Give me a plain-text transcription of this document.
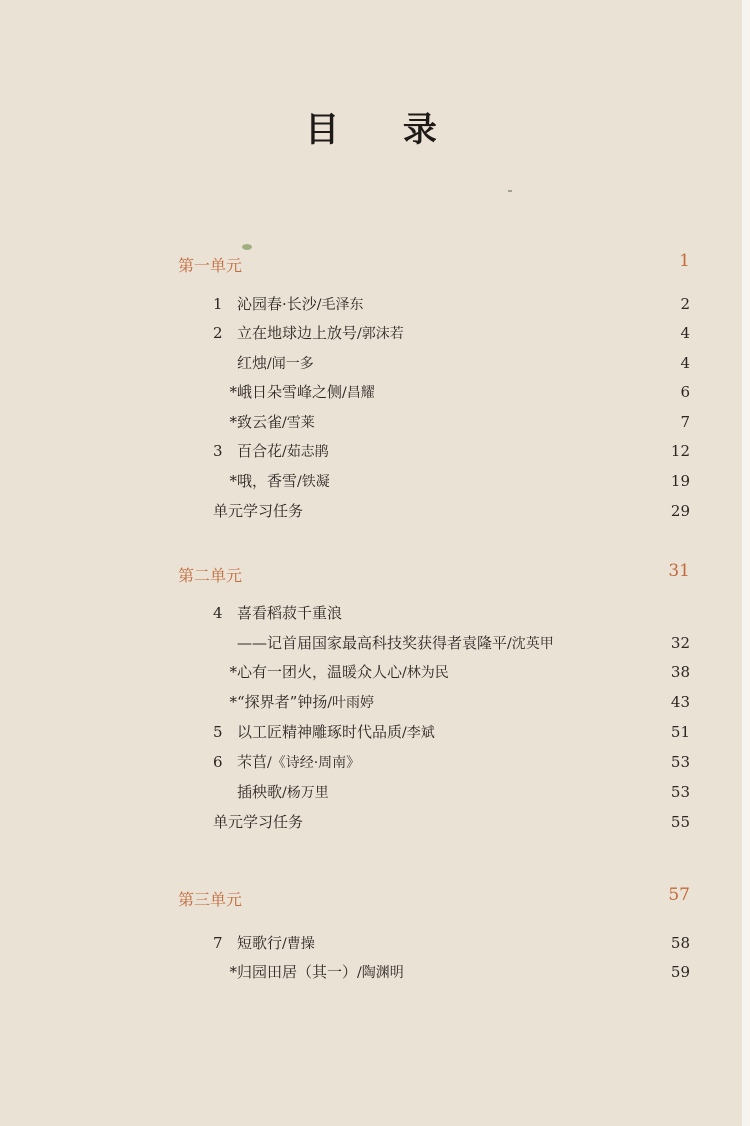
目 录
第一单元	1
1 沁园春·长沙/毛泽东	2
2 立在地球边上放号/郭沫若	4
红烛/闻一多	4
*峨日朵雪峰之侧/昌耀	6
*致云雀/雪莱	7
3 百合花/茹志鹃	12
*哦，香雪/铁凝	19
单元学习任务	29
第二单元	31
4 喜看稻菽千重浪
——记首届国家最高科技奖获得者袁隆平/沈英甲	32
*心有一团火，温暖众人心/林为民	38
*“探界者”钟扬/叶雨婷	43
5 以工匠精神雕琢时代品质/李斌	51
6 芣苢/《诗经·周南》	53
插秧歌/杨万里	53
单元学习任务	55
第三单元	57
7 短歌行/曹操	58
*归园田居（其一）/陶渊明	59
